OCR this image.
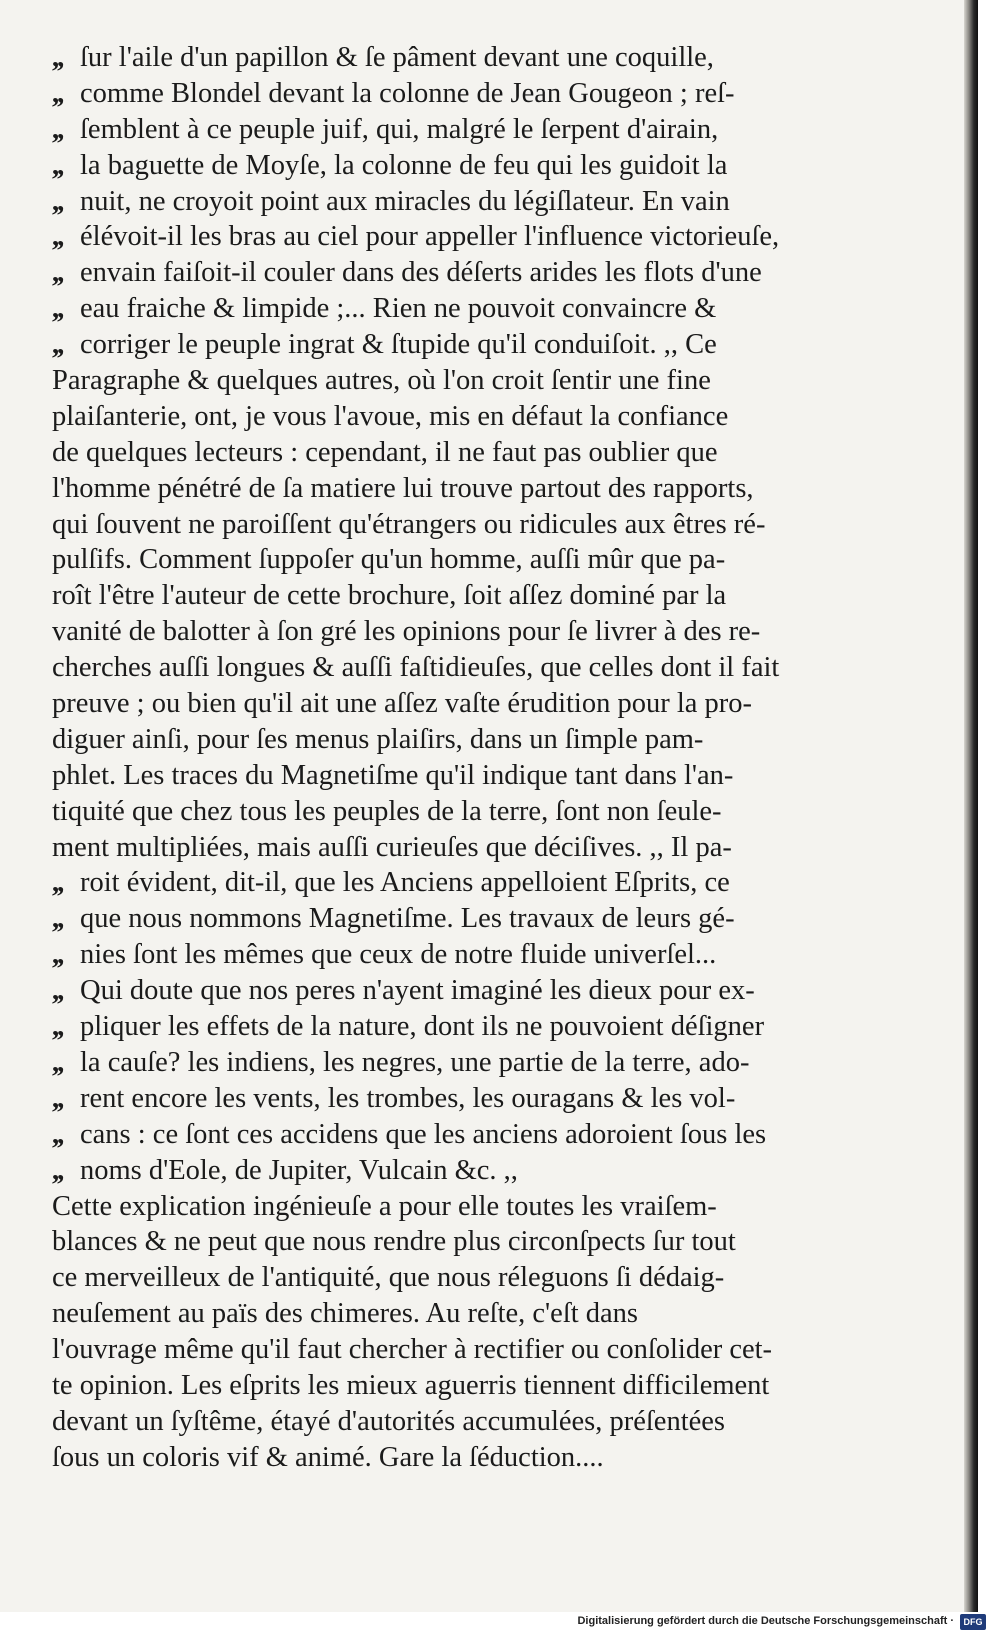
,, ſur l'aile d'un papillon & ſe pâment devant une coquille,
,, comme Blondel devant la colonne de Jean Gougeon ; reſ-
,, ſemblent à ce peuple juif, qui, malgré le ſerpent d'airain,
,, la baguette de Moyſe, la colonne de feu qui les guidoit la
,, nuit, ne croyoit point aux miracles du légiſlateur. En vain
,, élévoit-il les bras au ciel pour appeller l'influence victorieuſe,
,, envain faiſoit-il couler dans des déſerts arides les flots d'une
,, eau fraiche & limpide ;... Rien ne pouvoit convaincre &
,, corriger le peuple ingrat & ſtupide qu'il conduiſoit. ,, Ce
Paragraphe & quelques autres, où l'on croit ſentir une fine
plaiſanterie, ont, je vous l'avoue, mis en défaut la confiance
de quelques lecteurs : cependant, il ne faut pas oublier que
l'homme pénétré de ſa matiere lui trouve partout des rapports,
qui ſouvent ne paroiſſent qu'étrangers ou ridicules aux êtres ré-
pulſifs. Comment ſuppoſer qu'un homme, auſſi mûr que pa-
roît l'être l'auteur de cette brochure, ſoit aſſez dominé par la
vanité de balotter à ſon gré les opinions pour ſe livrer à des re-
cherches auſſi longues & auſſi faſtidieuſes, que celles dont il fait
preuve ; ou bien qu'il ait une aſſez vaſte érudition pour la pro-
diguer ainſi, pour ſes menus plaiſirs, dans un ſimple pam-
phlet. Les traces du Magnetiſme qu'il indique tant dans l'an-
tiquité que chez tous les peuples de la terre, ſont non ſeule-
ment multipliées, mais auſſi curieuſes que déciſives. ,, Il pa-
,, roit évident, dit-il, que les Anciens appelloient Eſprits, ce
,, que nous nommons Magnetiſme. Les travaux de leurs gé-
,, nies ſont les mêmes que ceux de notre fluide univerſel...
,, Qui doute que nos peres n'ayent imaginé les dieux pour ex-
,, pliquer les effets de la nature, dont ils ne pouvoient déſigner
,, la cauſe? les indiens, les negres, une partie de la terre, ado-
,, rent encore les vents, les trombes, les ouragans & les vol-
,, cans : ce ſont ces accidens que les anciens adoroient ſous les
,, noms d'Eole, de Jupiter, Vulcain &c. ,,
Cette explication ingénieuſe a pour elle toutes les vraiſem-
blances & ne peut que nous rendre plus circonſpects ſur tout
ce merveilleux de l'antiquité, que nous réleguons ſi dédaig-
neuſement au païs des chimeres. Au reſte, c'eſt dans
l'ouvrage même qu'il faut chercher à rectifier ou conſolider cet-
te opinion. Les eſprits les mieux aguerris tiennent difficilement
devant un ſyſtême, étayé d'autorités accumulées, préſentées
ſous un coloris vif & animé. Gare la ſéduction....
Digitalisierung gefördert durch die Deutsche Forschungsgemeinschaft ·	DFG
